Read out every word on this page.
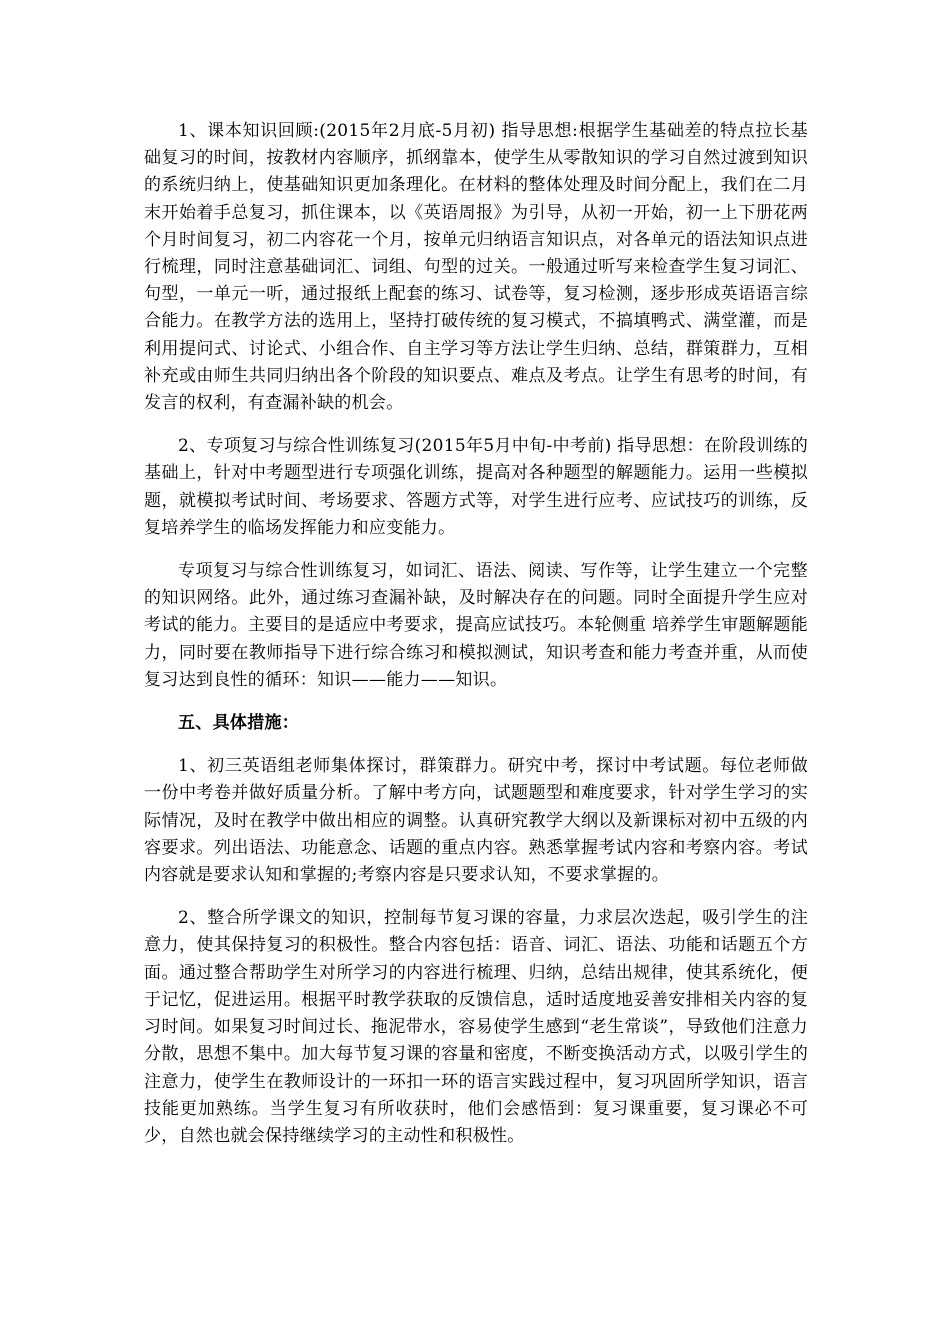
1、课本知识回顾:(2015年2月底-5月初) 指导思想:根据学生基础差的特点拉长基础复习的时间，按教材内容顺序，抓纲靠本，使学生从零散知识的学习自然过渡到知识的系统归纳上，使基础知识更加条理化。在材料的整体处理及时间分配上，我们在二月末开始着手总复习，抓住课本，以《英语周报》为引导，从初一开始，初一上下册花两个月时间复习，初二内容花一个月，按单元归纳语言知识点，对各单元的语法知识点进行梳理，同时注意基础词汇、词组、句型的过关。一般通过听写来检查学生复习词汇、句型，一单元一听，通过报纸上配套的练习、试卷等，复习检测，逐步形成英语语言综合能力。在教学方法的选用上，坚持打破传统的复习模式，不搞填鸭式、满堂灌，而是利用提问式、讨论式、小组合作、自主学习等方法让学生归纳、总结，群策群力，互相补充或由师生共同归纳出各个阶段的知识要点、难点及考点。让学生有思考的时间，有发言的权利，有查漏补缺的机会。

2、专项复习与综合性训练复习(2015年5月中旬-中考前) 指导思想：在阶段训练的基础上，针对中考题型进行专项强化训练，提高对各种题型的解题能力。运用一些模拟题，就模拟考试时间、考场要求、答题方式等，对学生进行应考、应试技巧的训练，反复培养学生的临场发挥能力和应变能力。

专项复习与综合性训练复习，如词汇、语法、阅读、写作等，让学生建立一个完整的知识网络。此外，通过练习查漏补缺，及时解决存在的问题。同时全面提升学生应对考试的能力。主要目的是适应中考要求，提高应试技巧。本轮侧重 培养学生审题解题能力，同时要在教师指导下进行综合练习和模拟测试，知识考查和能力考查并重，从而使复习达到良性的循环：知识——能力——知识。

五、具体措施：

1、初三英语组老师集体探讨，群策群力。研究中考，探讨中考试题。每位老师做一份中考卷并做好质量分析。了解中考方向，试题题型和难度要求，针对学生学习的实际情况，及时在教学中做出相应的调整。认真研究教学大纲以及新课标对初中五级的内容要求。列出语法、功能意念、话题的重点内容。熟悉掌握考试内容和考察内容。考试内容就是要求认知和掌握的;考察内容是只要求认知，不要求掌握的。

2、整合所学课文的知识，控制每节复习课的容量，力求层次迭起，吸引学生的注意力，使其保持复习的积极性。整合内容包括：语音、词汇、语法、功能和话题五个方面。通过整合帮助学生对所学习的内容进行梳理、归纳，总结出规律，使其系统化，便于记忆，促进运用。根据平时教学获取的反馈信息，适时适度地妥善安排相关内容的复习时间。如果复习时间过长、拖泥带水，容易使学生感到“老生常谈”，导致他们注意力分散，思想不集中。加大每节复习课的容量和密度，不断变换活动方式，以吸引学生的注意力，使学生在教师设计的一环扣一环的语言实践过程中，复习巩固所学知识，语言技能更加熟练。当学生复习有所收获时，他们会感悟到：复习课重要，复习课必不可少，自然也就会保持继续学习的主动性和积极性。
